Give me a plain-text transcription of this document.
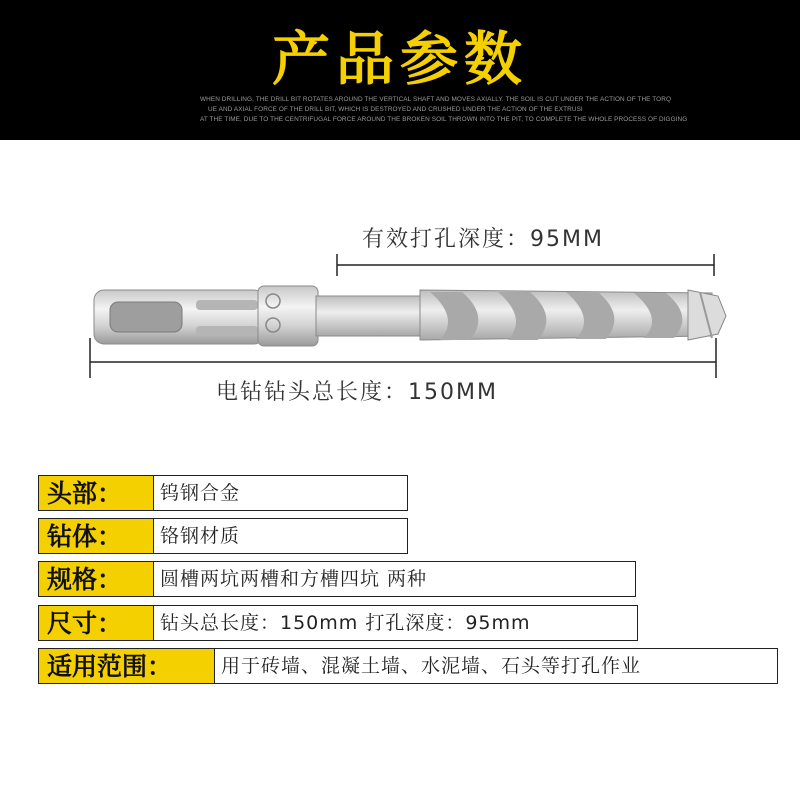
产品参数
WHEN DRILLING, THE DRILL BIT ROTATES AROUND THE VERTICAL SHAFT AND MOVES AXIALLY. THE SOIL IS CUT UNDER THE ACTION OF THE TORQ
UE AND AXIAL FORCE OF THE DRILL BIT, WHICH IS DESTROYED AND CRUSHED UNDER THE ACTION OF THE EXTRUSI
AT THE TIME, DUE TO THE CENTRIFUGAL FORCE AROUND THE BROKEN SOIL THROWN INTO THE PIT, TO COMPLETE THE WHOLE PROCESS OF DIGGING
有效打孔深度：95MM
电钻钻头总长度：150MM
头部：	钨钢合金
钻体：	铬钢材质
规格：	圆槽两坑两槽和方槽四坑 两种
尺寸：	钻头总长度：150mm 打孔深度：95mm
适用范围：	用于砖墙、混凝土墙、水泥墙、石头等打孔作业
